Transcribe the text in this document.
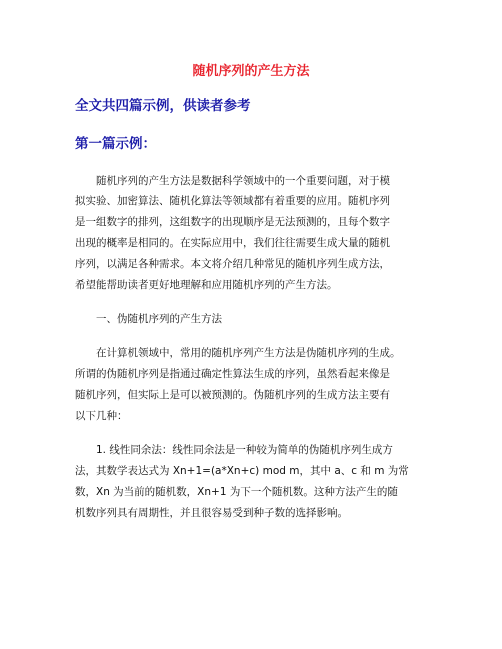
随机序列的产生方法
全文共四篇示例，供读者参考
第一篇示例：
随机序列的产生方法是数据科学领域中的一个重要问题，对于模
拟实验、加密算法、随机化算法等领域都有着重要的应用。随机序列
是一组数字的排列，这组数字的出现顺序是无法预测的，且每个数字
出现的概率是相同的。在实际应用中，我们往往需要生成大量的随机
序列，以满足各种需求。本文将介绍几种常见的随机序列生成方法，
希望能帮助读者更好地理解和应用随机序列的产生方法。
一、伪随机序列的产生方法
在计算机领域中，常用的随机序列产生方法是伪随机序列的生成。
所谓的伪随机序列是指通过确定性算法生成的序列，虽然看起来像是
随机序列，但实际上是可以被预测的。伪随机序列的生成方法主要有
以下几种：
1. 线性同余法：线性同余法是一种较为简单的伪随机序列生成方
法，其数学表达式为 Xn+1=(a*Xn+c) mod m，其中 a、c 和 m 为常
数，Xn 为当前的随机数，Xn+1 为下一个随机数。这种方法产生的随
机数序列具有周期性，并且很容易受到种子数的选择影响。
